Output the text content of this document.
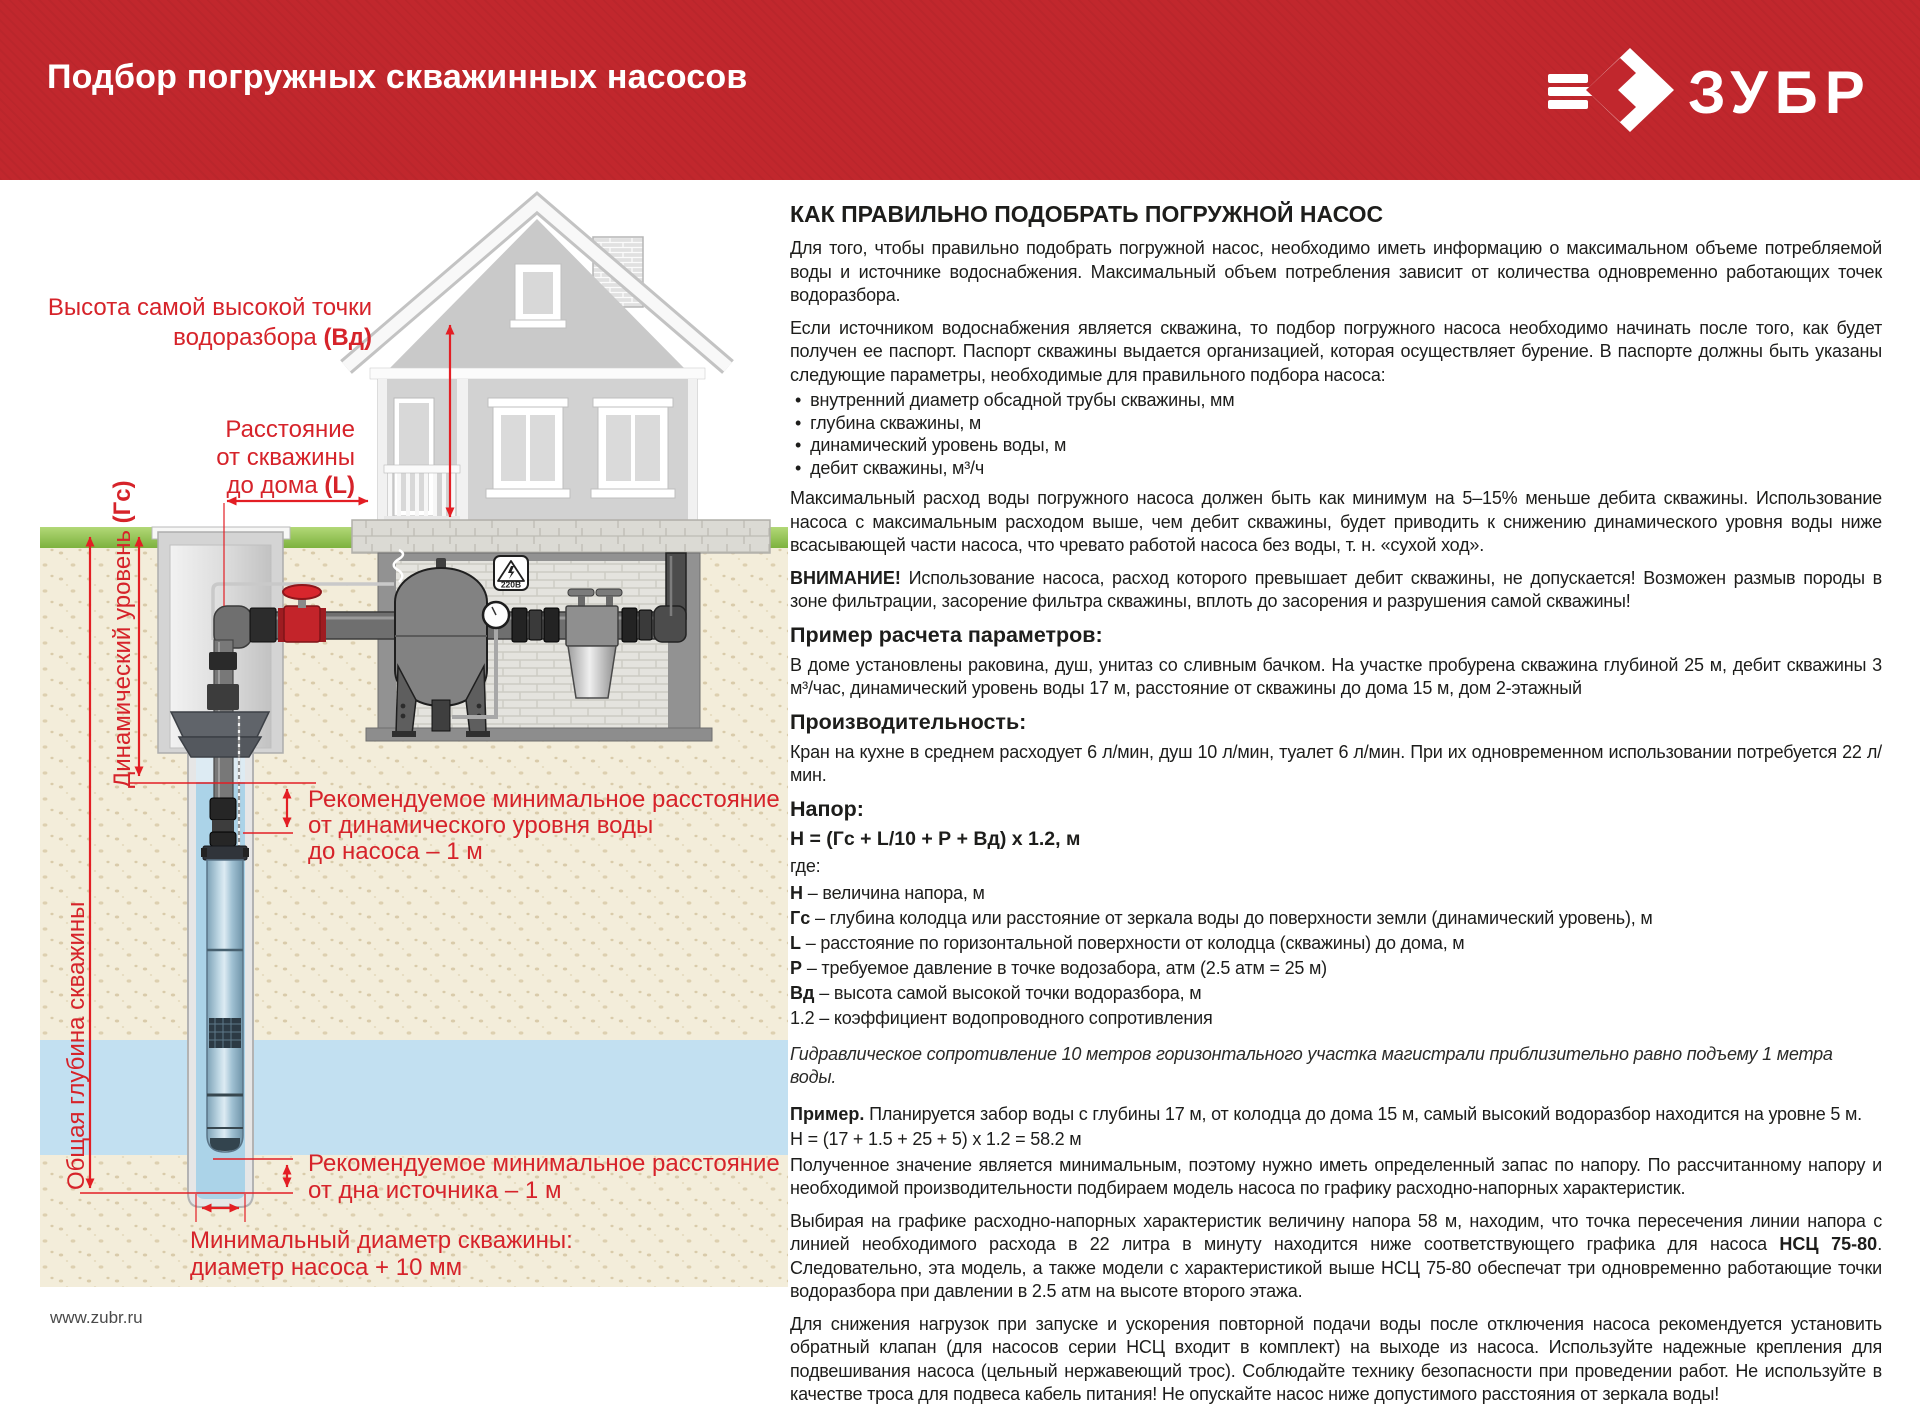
Подбор погружных скважинных насосов	ЗУБР
220В
Высота самой высокой точки водоразбора (Вд)
Расстояние от скважины до дома (L)
Динамический уровень (Гс)
Общая глубина скважины
Рекомендуемое минимальное расстояние от динамического уровня воды до насоса – 1 м
Рекомендуемое минимальное расстояние от дна источника – 1 м
Минимальный диаметр скважины: диаметр насоса + 10 мм
КАК ПРАВИЛЬНО ПОДОБРАТЬ ПОГРУЖНОЙ НАСОС

Для того, чтобы правильно подобрать погружной насос, необходимо иметь информацию о максимальном объеме потребляемой воды и источнике водоснабжения. Максимальный объем потребления зависит от количества одновременно работающих точек водоразбора.

Если источником водоснабжения является скважина, то подбор погружного насоса необходимо начинать после того, как будет получен ее паспорт. Паспорт скважины выдается организацией, которая осуществляет бурение. В паспорте должны быть указаны следующие параметры, необходимые для правильного подбора насоса:

• внутренний диаметр обсадной трубы скважины, мм
• глубина скважины, м
• динамический уровень воды, м
• дебит скважины, м³/ч

Максимальный расход воды погружного насоса должен быть как минимум на 5–15% меньше дебита скважины. Использование насоса с максимальным расходом выше, чем дебит скважины, будет приводить к снижению динамического уровня воды ниже всасывающей части насоса, что чревато работой насоса без воды, т. н. «сухой ход».

ВНИМАНИЕ! Использование насоса, расход которого превышает дебит скважины, не допускается! Возможен размыв породы в зоне фильтрации, засорение фильтра скважины, вплоть до засорения и разрушения самой скважины!

Пример расчета параметров:

В доме установлены раковина, душ, унитаз со сливным бачком. На участке пробурена скважина глубиной 25 м, дебит скважины 3 м³/час, динамический уровень воды 17 м, расстояние от скважины до дома 15 м, дом 2-этажный

Производительность:

Кран на кухне в среднем расходует 6 л/мин, душ 10 л/мин, туалет 6 л/мин. При их одновременном использовании потребуется 22 л/мин.

Напор:

Н = (Гс + L/10 + Р + Вд) х 1.2, м

где:

Н – величина напора, м

Гс – глубина колодца или расстояние от зеркала воды до поверхности земли (динамический уровень), м

L – расстояние по горизонтальной поверхности от колодца (скважины) до дома, м

Р – требуемое давление в точке водозабора, атм (2.5 атм = 25 м)

Вд – высота самой высокой точки водоразбора, м

1.2 – коэффициент водопроводного сопротивления

Гидравлическое сопротивление 10 метров горизонтального участка магистрали приблизительно равно подъему 1 метра воды.

Пример. Планируется забор воды с глубины 17 м, от колодца до дома 15 м, самый высокий водоразбор находится на уровне 5 м.

Н = (17 + 1.5 + 25 + 5) х 1.2 = 58.2 м

Полученное значение является минимальным, поэтому нужно иметь определенный запас по напору. По рассчитанному напору и необходимой производительности подбираем модель насоса по графику расходно-напорных характеристик.

Выбирая на графике расходно-напорных характеристик величину напора 58 м, находим, что точка пересечения линии напора с линией необходимого расхода в 22 литра в минуту находится ниже соответствующего графика для насоса НСЦ 75-80. Следовательно, эта модель, а также модели с характеристикой выше НСЦ 75-80 обеспечат три одновременно работающие точки водоразбора при давлении в 2.5 атм на высоте второго этажа.

Для снижения нагрузок при запуске и ускорения повторной подачи воды после отключения насоса рекомендуется установить обратный клапан (для насосов серии НСЦ входит в комплект) на выходе из насоса. Используйте надежные крепления для подвешивания насоса (цельный нержавеющий трос). Соблюдайте технику безопасности при проведении работ. Не используйте в качестве троса для подвеса кабель питания! Не опускайте насос ниже допустимого расстояния от зеркала воды!

www.zubr.ru
